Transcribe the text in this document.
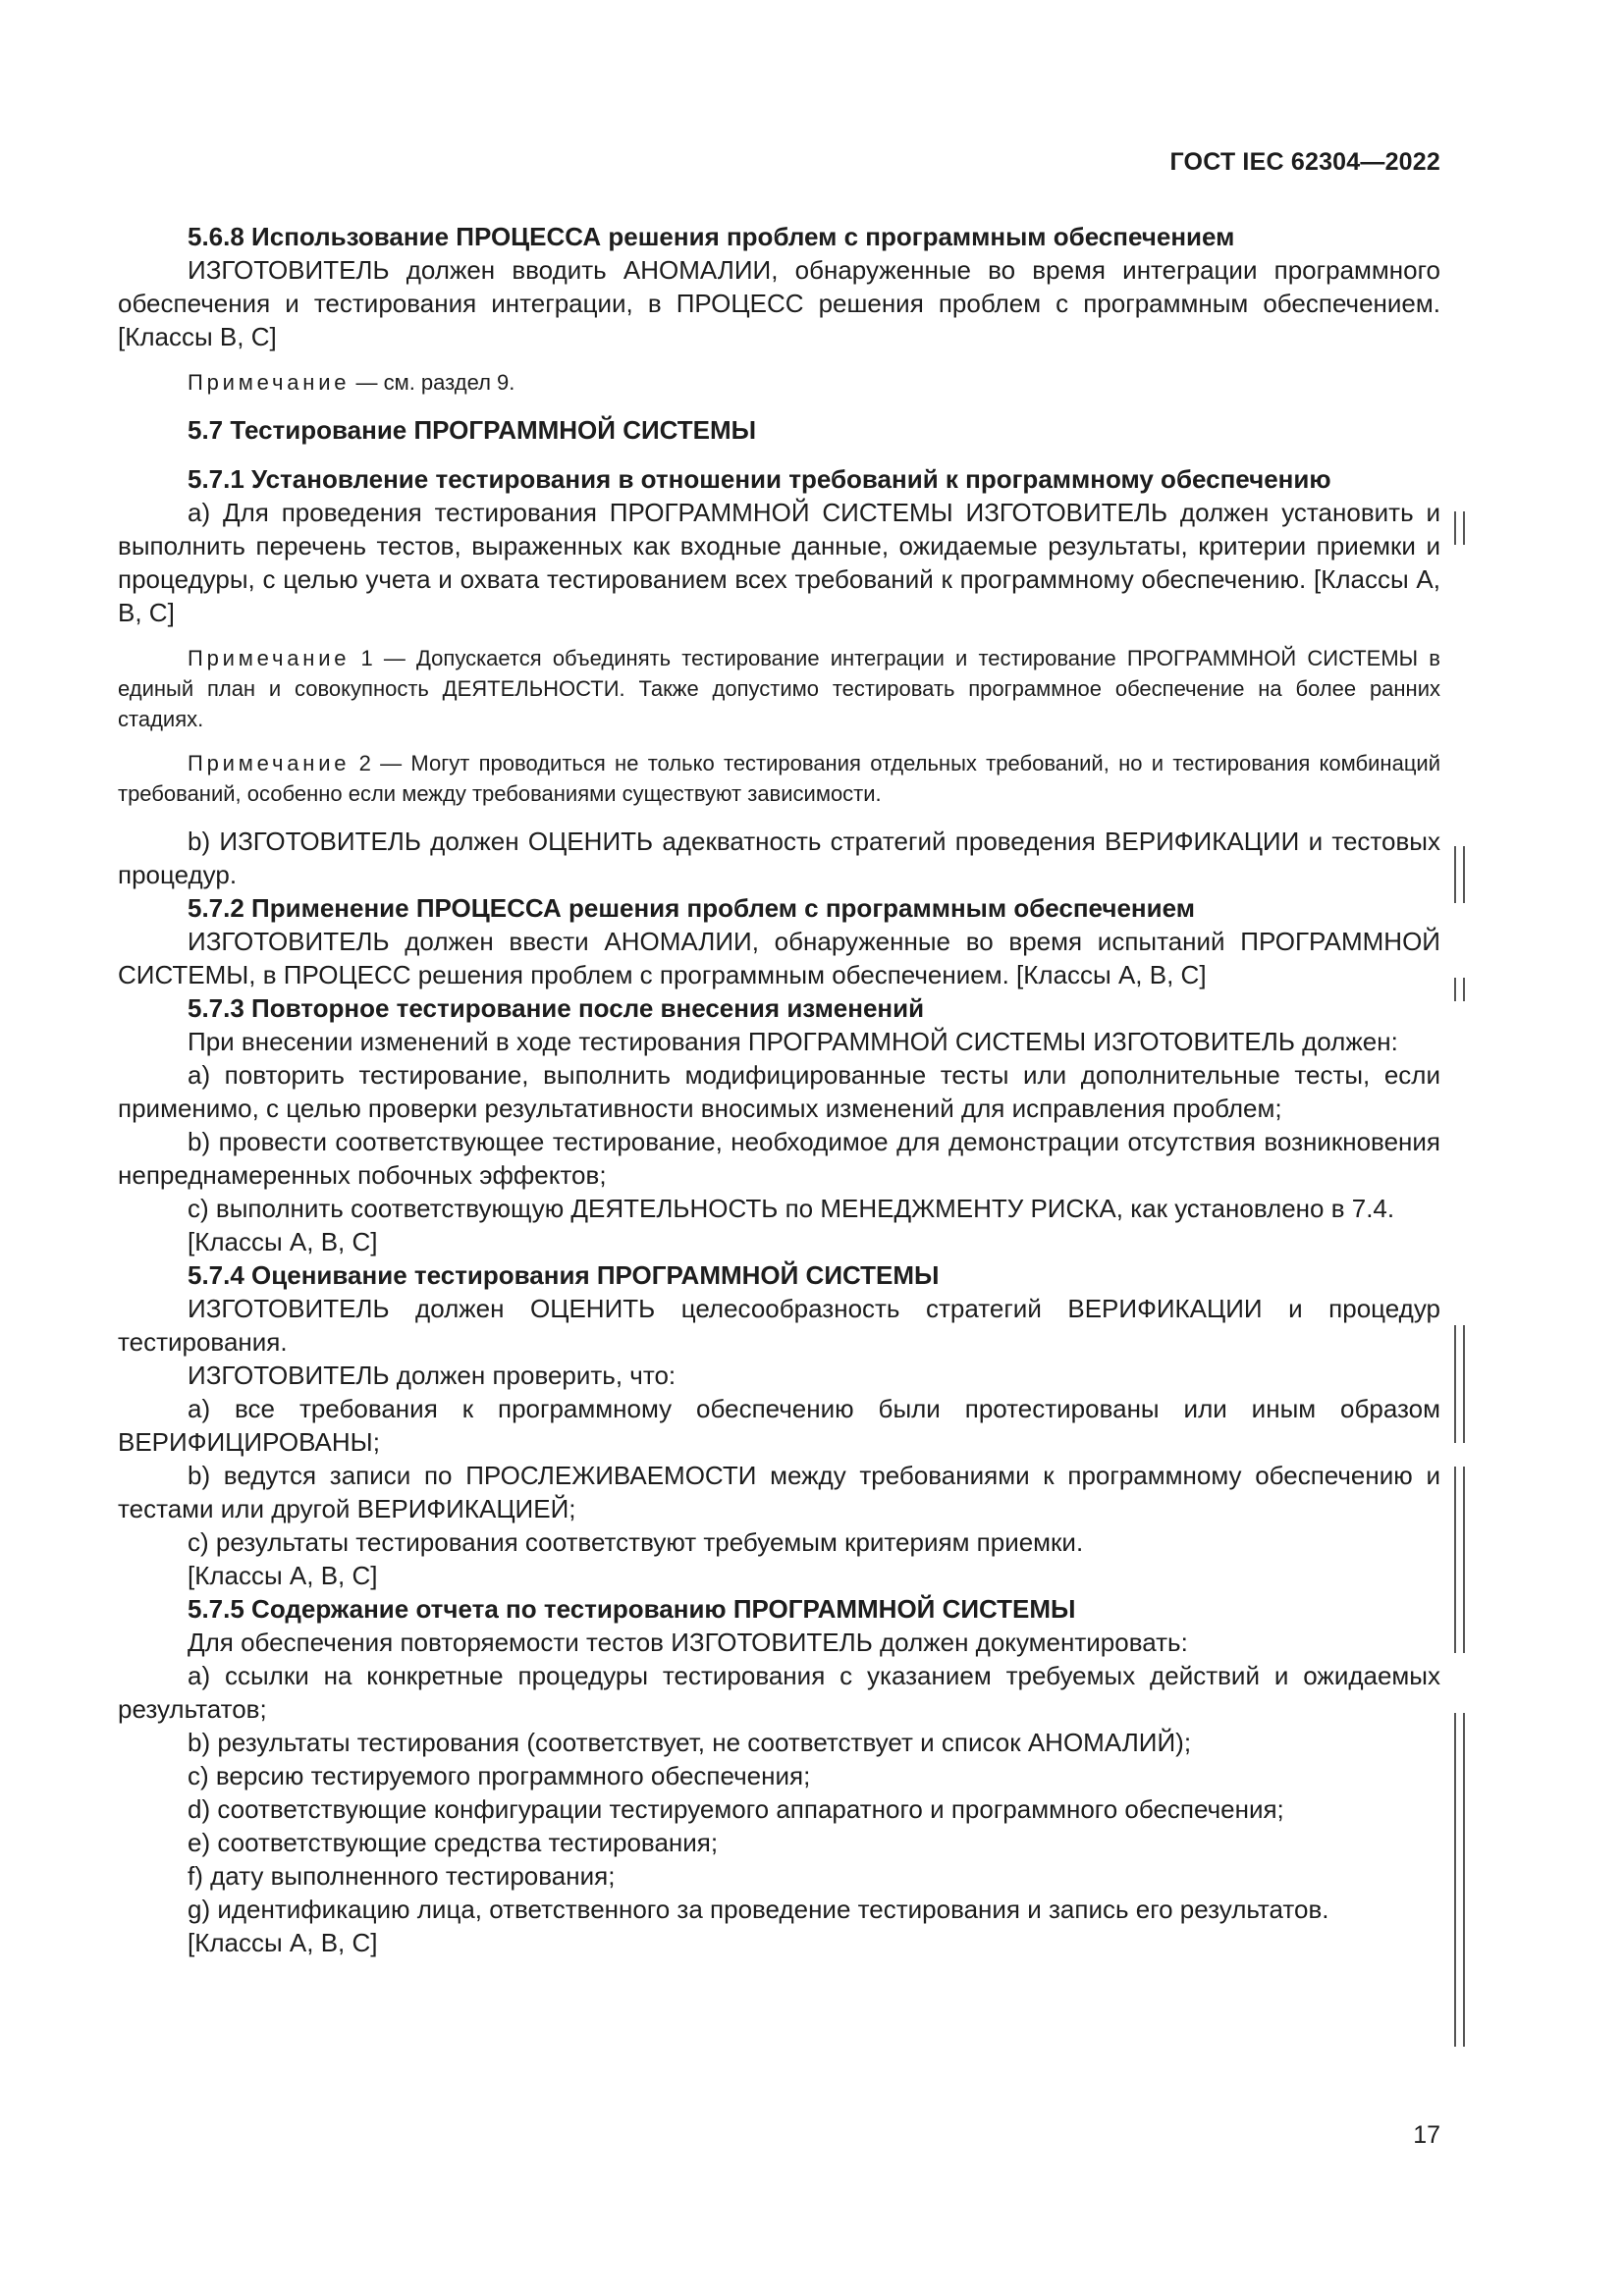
ГОСТ IEC 62304—2022

5.6.8 Использование ПРОЦЕССА решения проблем с программным обеспечением

ИЗГОТОВИТЕЛЬ должен вводить АНОМАЛИИ, обнаруженные во время интеграции программного обеспечения и тестирования интеграции, в ПРОЦЕСС решения проблем с программным обеспечением. [Классы B, C]

Примечание — см. раздел 9.

5.7 Тестирование ПРОГРАММНОЙ СИСТЕМЫ

5.7.1 Установление тестирования в отношении требований к программному обеспечению

a) Для проведения тестирования ПРОГРАММНОЙ СИСТЕМЫ ИЗГОТОВИТЕЛЬ должен установить и выполнить перечень тестов, выраженных как входные данные, ожидаемые результаты, критерии приемки и процедуры, с целью учета и охвата тестированием всех требований к программному обеспечению. [Классы A, B, C]

Примечание 1 — Допускается объединять тестирование интеграции и тестирование ПРОГРАММНОЙ СИСТЕМЫ в единый план и совокупность ДЕЯТЕЛЬНОСТИ. Также допустимо тестировать программное обеспечение на более ранних стадиях.

Примечание 2 — Могут проводиться не только тестирования отдельных требований, но и тестирования комбинаций требований, особенно если между требованиями существуют зависимости.

b) ИЗГОТОВИТЕЛЬ должен ОЦЕНИТЬ адекватность стратегий проведения ВЕРИФИКАЦИИ и тестовых процедур.

5.7.2 Применение ПРОЦЕССА решения проблем с программным обеспечением

ИЗГОТОВИТЕЛЬ должен ввести АНОМАЛИИ, обнаруженные во время испытаний ПРОГРАММНОЙ СИСТЕМЫ, в ПРОЦЕСС решения проблем с программным обеспечением. [Классы A, B, C]

5.7.3 Повторное тестирование после внесения изменений

При внесении изменений в ходе тестирования ПРОГРАММНОЙ СИСТЕМЫ ИЗГОТОВИТЕЛЬ должен:

a) повторить тестирование, выполнить модифицированные тесты или дополнительные тесты, если применимо, с целью проверки результативности вносимых изменений для исправления проблем;

b) провести соответствующее тестирование, необходимое для демонстрации отсутствия возникновения непреднамеренных побочных эффектов;

c) выполнить соответствующую ДЕЯТЕЛЬНОСТЬ по МЕНЕДЖМЕНТУ РИСКА, как установлено в 7.4.

[Классы A, B, C]

5.7.4 Оценивание тестирования ПРОГРАММНОЙ СИСТЕМЫ

ИЗГОТОВИТЕЛЬ должен ОЦЕНИТЬ целесообразность стратегий ВЕРИФИКАЦИИ и процедур тестирования.

ИЗГОТОВИТЕЛЬ должен проверить, что:

a) все требования к программному обеспечению были протестированы или иным образом ВЕРИФИЦИРОВАНЫ;

b) ведутся записи по ПРОСЛЕЖИВАЕМОСТИ между требованиями к программному обеспечению и тестами или другой ВЕРИФИКАЦИЕЙ;

c) результаты тестирования соответствуют требуемым критериям приемки.

[Классы A, B, C]

5.7.5 Содержание отчета по тестированию ПРОГРАММНОЙ СИСТЕМЫ

Для обеспечения повторяемости тестов ИЗГОТОВИТЕЛЬ должен документировать:

a) ссылки на конкретные процедуры тестирования с указанием требуемых действий и ожидаемых результатов;

b) результаты тестирования (соответствует, не соответствует и список АНОМАЛИЙ);

c) версию тестируемого программного обеспечения;

d) соответствующие конфигурации тестируемого аппаратного и программного обеспечения;

e) соответствующие средства тестирования;

f) дату выполненного тестирования;

g) идентификацию лица, ответственного за проведение тестирования и запись его результатов.

[Классы A, B, C]

17
